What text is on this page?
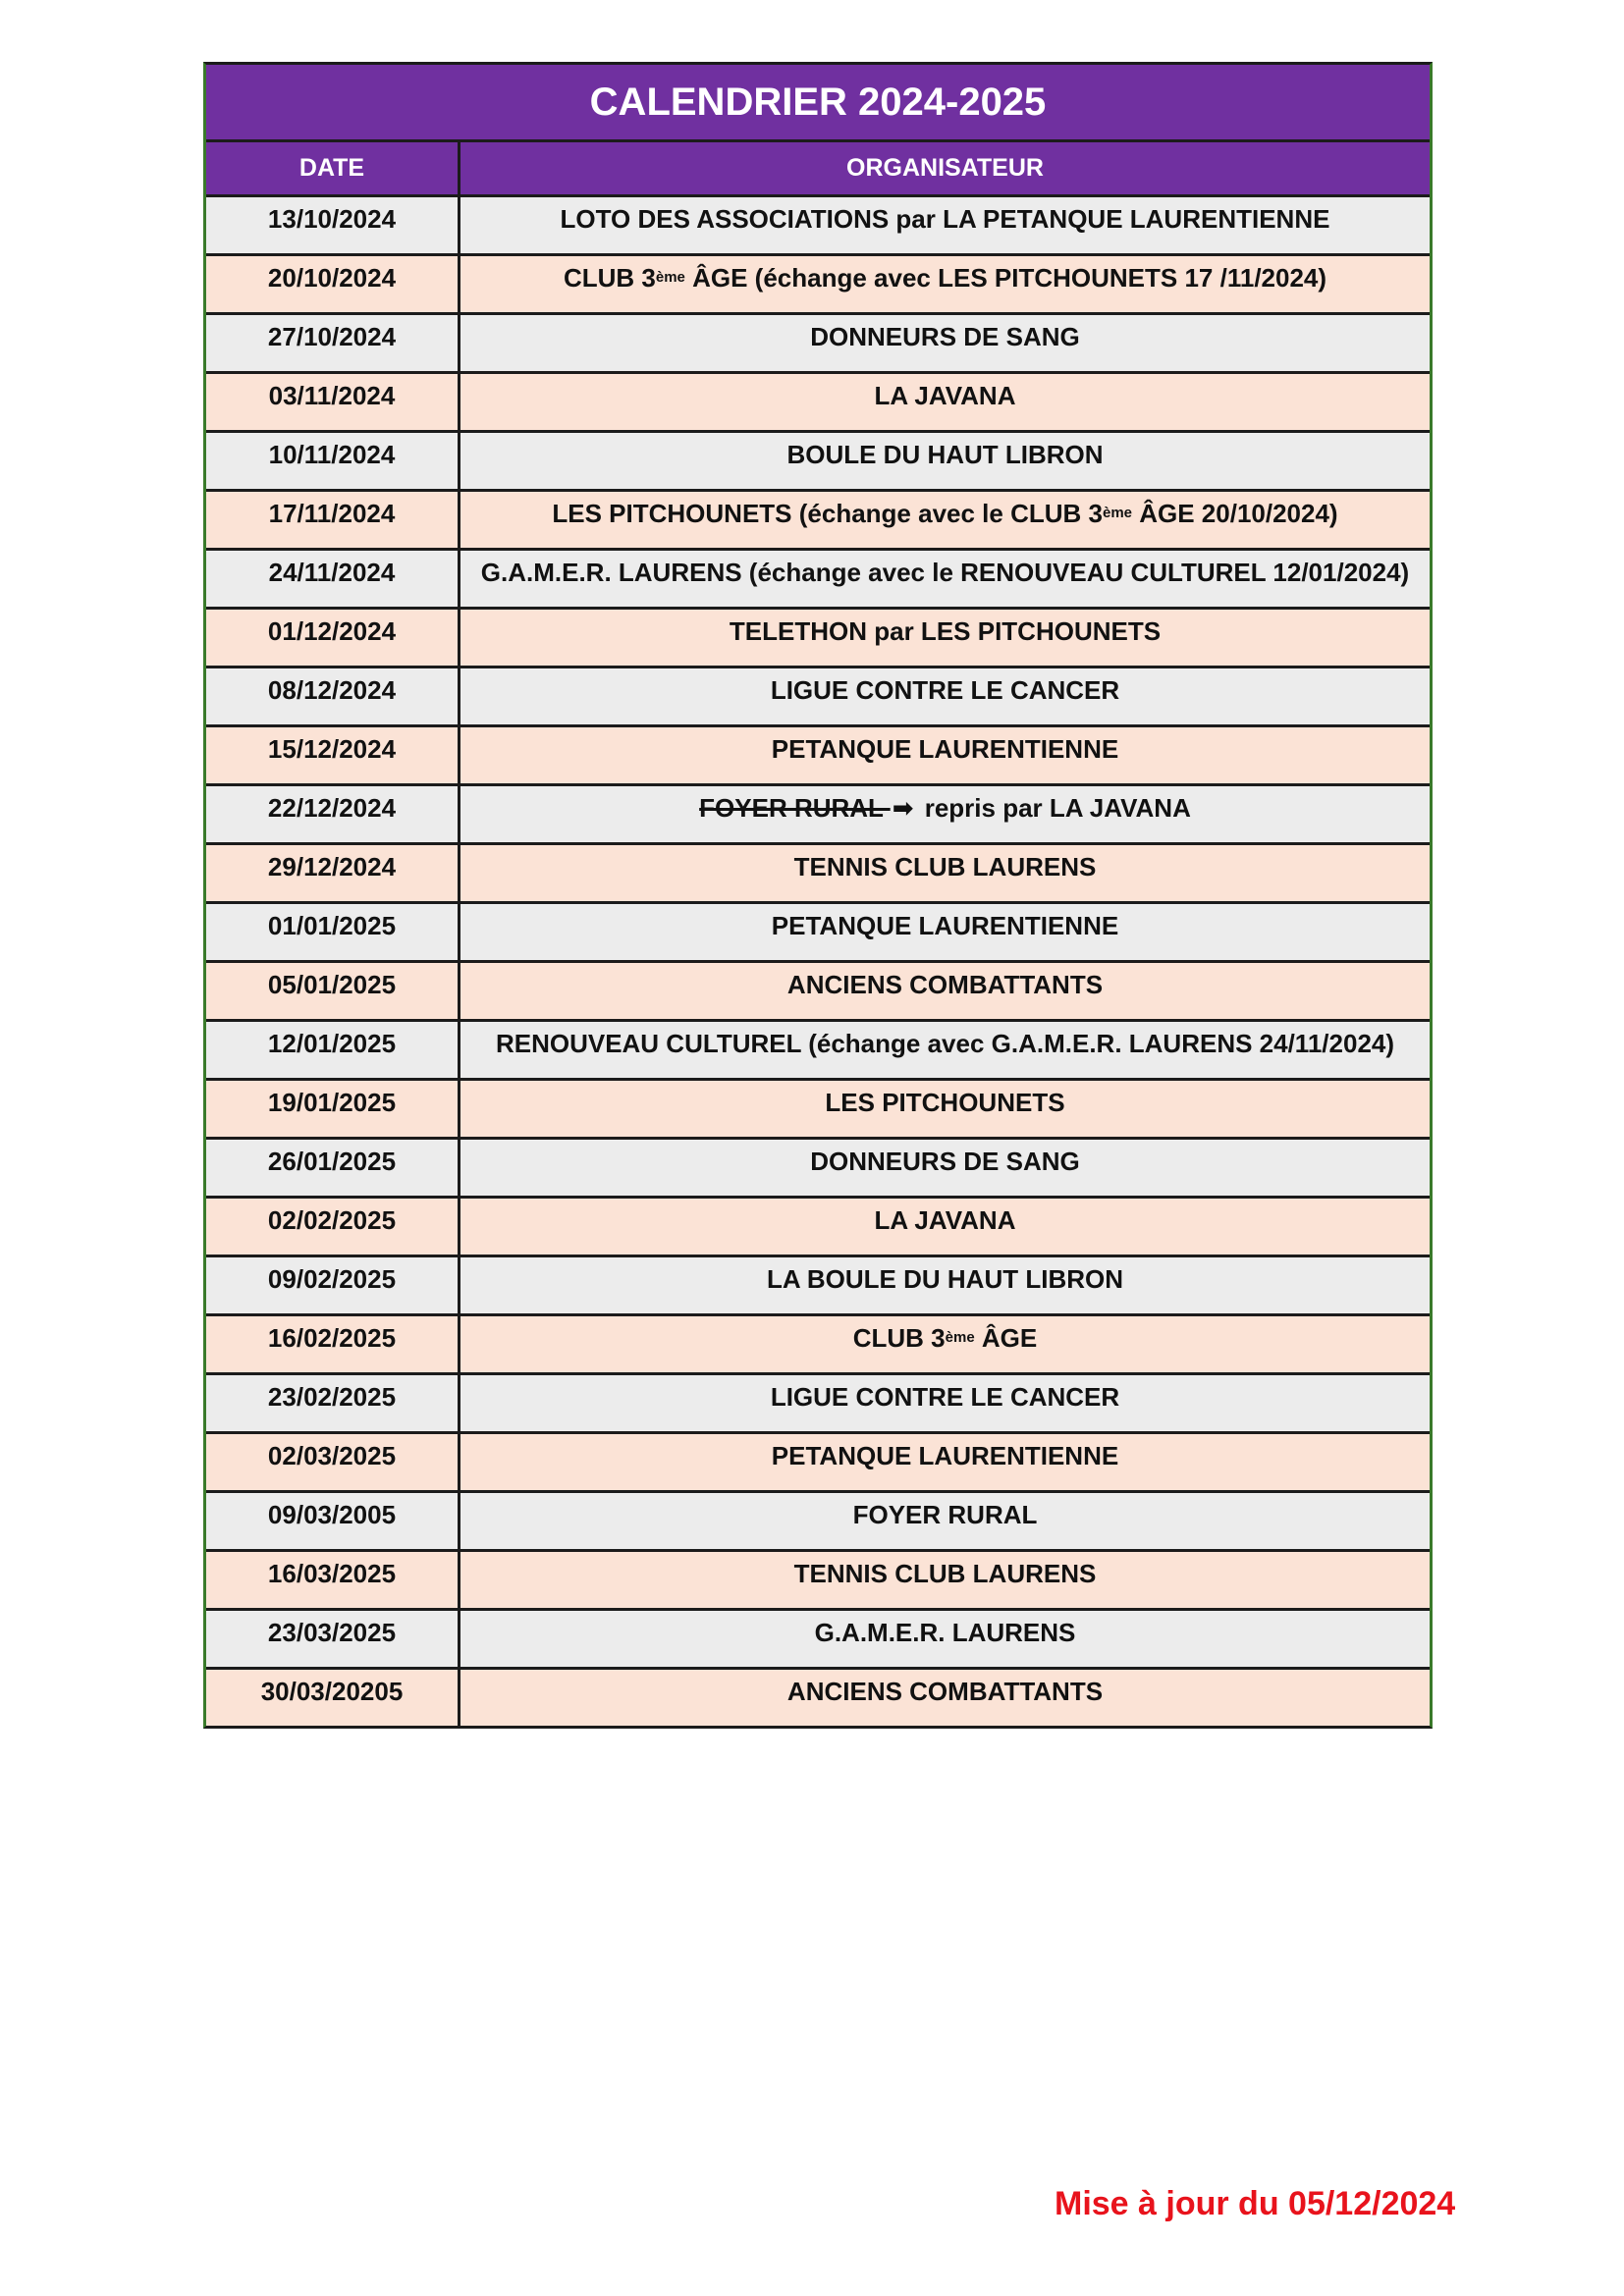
CALENDRIER 2024-2025
DATE	ORGANISATEUR
13/10/2024	LOTO DES ASSOCIATIONS par LA PETANQUE LAURENTIENNE
20/10/2024	CLUB 3 ème ÂGE (échange avec LES PITCHOUNETS 17 /11/2024)
27/10/2024	DONNEURS DE SANG
03/11/2024	LA JAVANA
10/11/2024	BOULE DU HAUT LIBRON
17/11/2024	LES PITCHOUNETS (échange avec le CLUB 3 ème ÂGE 20/10/2024)
24/11/2024	G.A.M.E.R. LAURENS (échange avec le RENOUVEAU CULTUREL 12/01/2024)
01/12/2024	TELETHON par LES PITCHOUNETS
08/12/2024	LIGUE CONTRE LE CANCER
15/12/2024	PETANQUE LAURENTIENNE
22/12/2024	FOYER RURAL ➡ repris par LA JAVANA
29/12/2024	TENNIS CLUB LAURENS
01/01/2025	PETANQUE LAURENTIENNE
05/01/2025	ANCIENS COMBATTANTS
12/01/2025	RENOUVEAU CULTUREL (échange avec G.A.M.E.R. LAURENS 24/11/2024)
19/01/2025	LES PITCHOUNETS
26/01/2025	DONNEURS DE SANG
02/02/2025	LA JAVANA
09/02/2025	LA BOULE DU HAUT LIBRON
16/02/2025	CLUB 3 ème ÂGE
23/02/2025	LIGUE CONTRE LE CANCER
02/03/2025	PETANQUE LAURENTIENNE
09/03/2005	FOYER RURAL
16/03/2025	TENNIS CLUB LAURENS
23/03/2025	G.A.M.E.R. LAURENS
30/03/20205	ANCIENS COMBATTANTS
Mise à jour du 05/12/2024
